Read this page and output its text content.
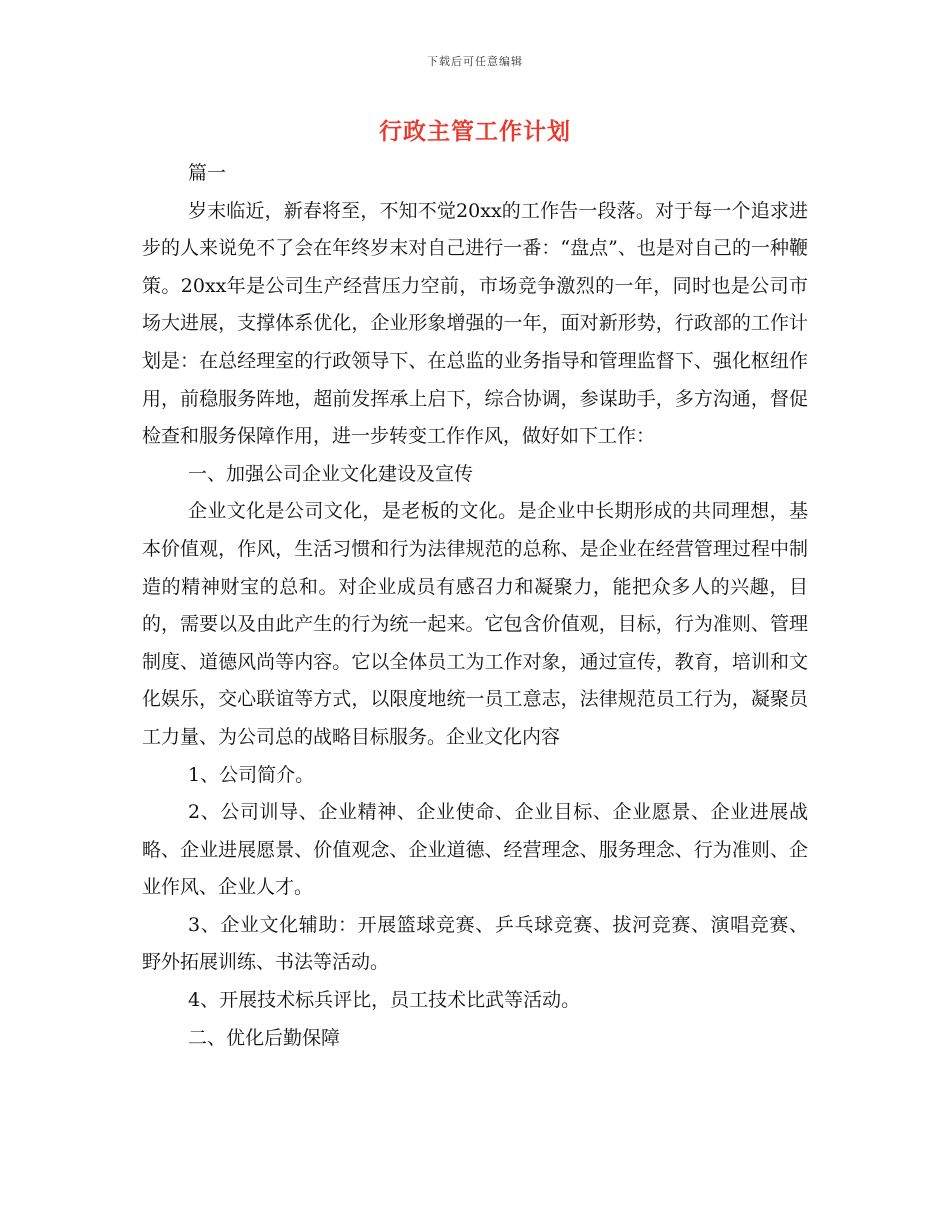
下载后可任意编辑
行政主管工作计划

篇一

岁末临近，新春将至，不知不觉20xx的工作告一段落。对于每一个追求进步的人来说免不了会在年终岁末对自己进行一番：“盘点”、也是对自己的一种鞭策。20xx年是公司生产经营压力空前，市场竞争激烈的一年，同时也是公司市场大进展，支撑体系优化，企业形象增强的一年，面对新形势，行政部的工作计划是：在总经理室的行政领导下、在总监的业务指导和管理监督下、强化枢纽作用，前稳服务阵地，超前发挥承上启下，综合协调，参谋助手，多方沟通，督促检查和服务保障作用，进一步转变工作作风，做好如下工作：

一、加强公司企业文化建设及宣传

企业文化是公司文化，是老板的文化。是企业中长期形成的共同理想，基本价值观，作风，生活习惯和行为法律规范的总称、是企业在经营管理过程中制造的精神财宝的总和。对企业成员有感召力和凝聚力，能把众多人的兴趣，目的，需要以及由此产生的行为统一起来。它包含价值观，目标，行为准则、管理制度、道德风尚等内容。它以全体员工为工作对象，通过宣传，教育，培训和文化娱乐，交心联谊等方式，以限度地统一员工意志，法律规范员工行为，凝聚员工力量、为公司总的战略目标服务。企业文化内容

1、公司简介。

2、公司训导、企业精神、企业使命、企业目标、企业愿景、企业进展战略、企业进展愿景、价值观念、企业道德、经营理念、服务理念、行为准则、企业作风、企业人才。

3、企业文化辅助：开展篮球竞赛、乒乓球竞赛、拔河竞赛、演唱竞赛、野外拓展训练、书法等活动。

4、开展技术标兵评比，员工技术比武等活动。

二、优化后勤保障
